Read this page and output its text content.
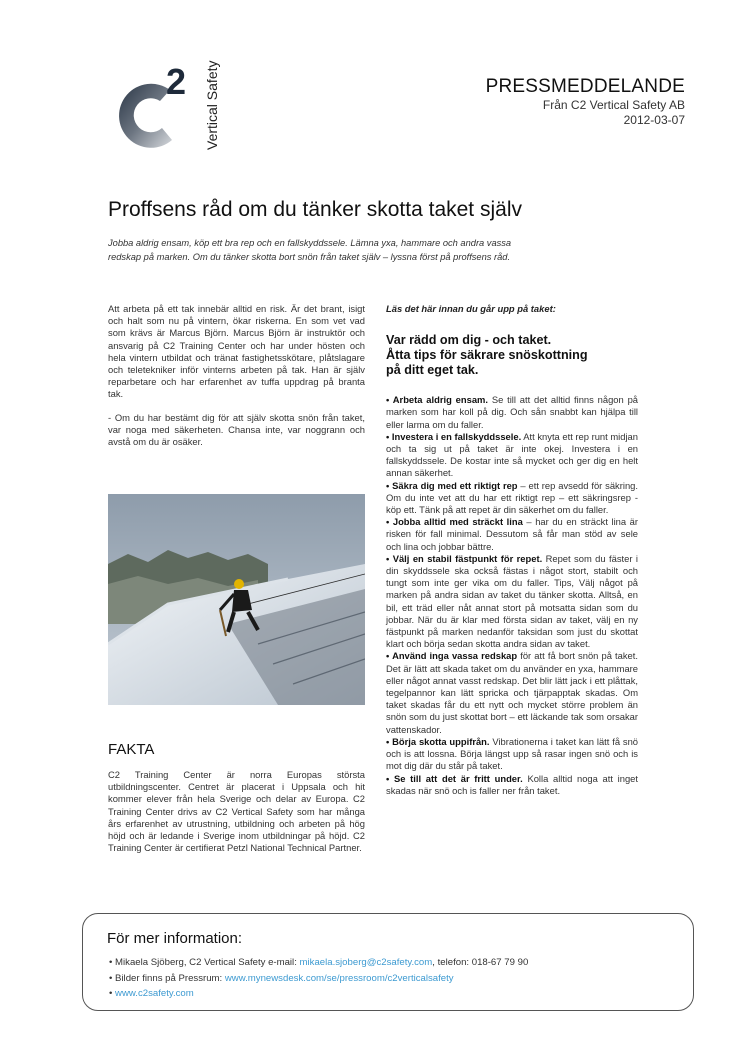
2 Vertical Safety	PRESSMEDDELANDE
Från C2 Vertical Safety AB
2012-03-07
Proffsens råd om du tänker skotta taket själv
Jobba aldrig ensam, köp ett bra rep och en fallskyddssele. Lämna yxa, hammare och andra vassa
redskap på marken. Om du tänker skotta bort snön från taket själv – lyssna först på proffsens råd.

Att arbeta på ett tak innebär alltid en risk. Är det brant, isigt och halt som nu på vintern, ökar riskerna. En som vet vad som krävs är Marcus Björn. Marcus Björn är instruktör och ansvarig på C2 Training Center och har under hösten och hela vintern utbildat och tränat fastighetsskötare, plåtslagare och teletekniker inför vinterns arbeten på tak. Han är själv reparbetare och har erfarenhet av tuffa uppdrag på branta tak.

- Om du har bestämt dig för att själv skotta snön från taket, var noga med säkerheten. Chansa inte, var noggrann och avstå om du är osäker.

FAKTA
C2 Training Center är norra Europas största utbildningscenter. Centret är placerat i Uppsala och hit kommer elever från hela Sverige och delar av Europa. C2 Training Center drivs av C2 Vertical Safety som har många års erfarenhet av utrustning, utbildning och arbeten på hög höjd och är ledande i Sverige inom utbildningar på höjd. C2 Training Center är certifierat Petzl National Technical Partner.
Läs det här innan du går upp på taket:
Var rädd om dig - och taket.
Åtta tips för säkrare snöskottning
på ditt eget tak.
• Arbeta aldrig ensam. Se till att det alltid finns någon på marken som har koll på dig. Och sån snabbt kan hjälpa till eller larma om du faller.
• Investera i en fallskyddssele. Att knyta ett rep runt midjan och ta sig ut på taket är inte okej. Investera i en fallskyddssele. De kostar inte så mycket och ger dig en helt annan säkerhet.
• Säkra dig med ett riktigt rep – ett rep avsedd för säkring. Om du inte vet att du har ett riktigt rep – ett säkringsrep - köp ett. Tänk på att repet är din säkerhet om du faller.
• Jobba alltid med sträckt lina – har du en sträckt lina är risken för fall minimal. Dessutom så får man stöd av sele och lina och jobbar bättre.
• Välj en stabil fästpunkt för repet. Repet som du fäster i din skyddssele ska också fästas i något stort, stabilt och tungt som inte ger vika om du faller. Tips, Välj något på marken på andra sidan av taket du tänker skotta. Alltså, en bil, ett träd eller nåt annat stort på motsatta sidan som du jobbar. När du är klar med första sidan av taket, välj en ny fästpunkt på marken nedanför taksidan som just du skottat klart och börja sedan skotta andra sidan av taket.
• Använd inga vassa redskap för att få bort snön på taket. Det är lätt att skada taket om du använder en yxa, hammare eller något annat vasst redskap. Det blir lätt jack i ett plåttak, tegelpannor kan lätt spricka och tjärpapptak skadas. Om taket skadas får du ett nytt och mycket större problem än snön som du just skottat bort – ett läckande tak som orsakar vattenskador.
• Börja skotta uppifrån. Vibrationerna i taket kan lätt få snö och is att lossna. Börja längst upp så rasar ingen snö och is mot dig där du står på taket.
• Se till att det är fritt under. Kolla alltid noga att inget skadas när snö och is faller ner från taket.
För mer information:
• Mikaela Sjöberg, C2 Vertical Safety e-mail: mikaela.sjoberg@c2safety.com, telefon: 018-67 79 90
• Bilder finns på Pressrum: www.mynewsdesk.com/se/pressroom/c2verticalsafety
• www.c2safety.com
